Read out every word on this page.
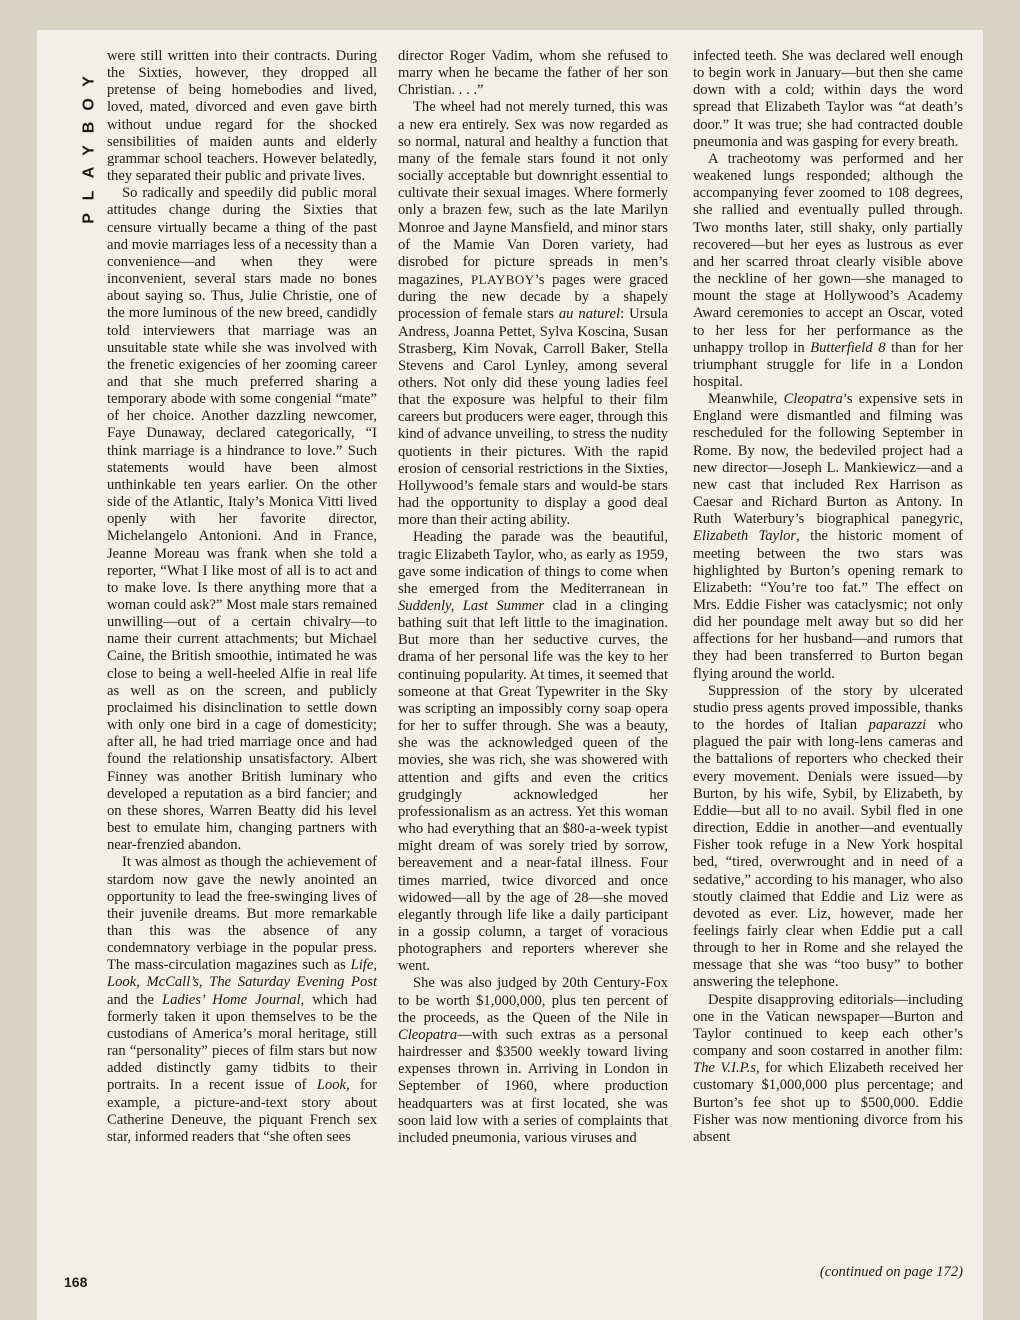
Y
O
B
Y
A
L
P

were still written into their contracts. During the Sixties, however, they dropped all pretense of being homebodies and lived, loved, mated, divorced and even gave birth without undue regard for the shocked sensibilities of maiden aunts and elderly grammar school teachers. However belatedly, they separated their public and private lives.

So radically and speedily did public moral attitudes change during the Sixties that censure virtually became a thing of the past and movie marriages less of a necessity than a convenience—and when they were inconvenient, several stars made no bones about saying so. Thus, Julie Christie, one of the more luminous of the new breed, candidly told interviewers that marriage was an unsuitable state while she was involved with the frenetic exigencies of her zooming career and that she much preferred sharing a temporary abode with some congenial “mate” of her choice. Another dazzling newcomer, Faye Dunaway, declared categorically, “I think marriage is a hindrance to love.” Such statements would have been almost unthinkable ten years earlier. On the other side of the Atlantic, Italy’s Monica Vitti lived openly with her favorite director, Michelangelo Antonioni. And in France, Jeanne Moreau was frank when she told a reporter, “What I like most of all is to act and to make love. Is there anything more that a woman could ask?” Most male stars remained unwilling—out of a certain chivalry—to name their current attachments; but Michael Caine, the British smoothie, intimated he was close to being a well-heeled Alfie in real life as well as on the screen, and publicly proclaimed his disinclination to settle down with only one bird in a cage of domesticity; after all, he had tried marriage once and had found the relationship unsatisfactory. Albert Finney was another British luminary who developed a reputation as a bird fancier; and on these shores, Warren Beatty did his level best to emulate him, changing partners with near-frenzied abandon.

It was almost as though the achievement of stardom now gave the newly anointed an opportunity to lead the free-swinging lives of their juvenile dreams. But more remarkable than this was the absence of any condemnatory verbiage in the popular press. The mass-circulation magazines such as Life, Look, McCall’s, The Saturday Evening Post and the Ladies’ Home Journal, which had formerly taken it upon themselves to be the custodians of America’s moral heritage, still ran “personality” pieces of film stars but now added distinctly gamy tidbits to their portraits. In a recent issue of Look, for example, a picture-and-text story about Catherine Deneuve, the piquant French sex star, informed readers that “she often sees

director Roger Vadim, whom she refused to marry when he became the father of her son Christian. . . .”

The wheel had not merely turned, this was a new era entirely. Sex was now regarded as so normal, natural and healthy a function that many of the female stars found it not only socially acceptable but downright essential to cultivate their sexual images. Where formerly only a brazen few, such as the late Marilyn Monroe and Jayne Mansfield, and minor stars of the Mamie Van Doren variety, had disrobed for picture spreads in men’s magazines, PLAYBOY’s pages were graced during the new decade by a shapely procession of female stars au naturel: Ursula Andress, Joanna Pettet, Sylva Koscina, Susan Strasberg, Kim Novak, Carroll Baker, Stella Stevens and Carol Lynley, among several others. Not only did these young ladies feel that the exposure was helpful to their film careers but producers were eager, through this kind of advance unveiling, to stress the nudity quotients in their pictures. With the rapid erosion of censorial restrictions in the Sixties, Hollywood’s female stars and would-be stars had the opportunity to display a good deal more than their acting ability.

Heading the parade was the beautiful, tragic Elizabeth Taylor, who, as early as 1959, gave some indication of things to come when she emerged from the Mediterranean in Suddenly, Last Summer clad in a clinging bathing suit that left little to the imagination. But more than her seductive curves, the drama of her personal life was the key to her continuing popularity. At times, it seemed that someone at that Great Typewriter in the Sky was scripting an impossibly corny soap opera for her to suffer through. She was a beauty, she was the acknowledged queen of the movies, she was rich, she was showered with attention and gifts and even the critics grudgingly acknowledged her professionalism as an actress. Yet this woman who had everything that an $80-a-week typist might dream of was sorely tried by sorrow, bereavement and a near-fatal illness. Four times married, twice divorced and once widowed—all by the age of 28—she moved elegantly through life like a daily participant in a gossip column, a target of voracious photographers and reporters wherever she went.

She was also judged by 20th Century-Fox to be worth $1,000,000, plus ten percent of the proceeds, as the Queen of the Nile in Cleopatra—with such extras as a personal hairdresser and $3500 weekly toward living expenses thrown in. Arriving in London in September of 1960, where production headquarters was at first located, she was soon laid low with a series of complaints that included pneumonia, various viruses and

infected teeth. She was declared well enough to begin work in January—but then she came down with a cold; within days the word spread that Elizabeth Taylor was “at death’s door.” It was true; she had contracted double pneumonia and was gasping for every breath.

A tracheotomy was performed and her weakened lungs responded; although the accompanying fever zoomed to 108 degrees, she rallied and eventually pulled through. Two months later, still shaky, only partially recovered—but her eyes as lustrous as ever and her scarred throat clearly visible above the neckline of her gown—she managed to mount the stage at Hollywood’s Academy Award ceremonies to accept an Oscar, voted to her less for her performance as the unhappy trollop in Butterfield 8 than for her triumphant struggle for life in a London hospital.

Meanwhile, Cleopatra’s expensive sets in England were dismantled and filming was rescheduled for the following September in Rome. By now, the bedeviled project had a new director—Joseph L. Mankiewicz—and a new cast that included Rex Harrison as Caesar and Richard Burton as Antony. In Ruth Waterbury’s biographical panegyric, Elizabeth Taylor, the historic moment of meeting between the two stars was highlighted by Burton’s opening remark to Elizabeth: “You’re too fat.” The effect on Mrs. Eddie Fisher was cataclysmic; not only did her poundage melt away but so did her affections for her husband—and rumors that they had been transferred to Burton began flying around the world.

Suppression of the story by ulcerated studio press agents proved impossible, thanks to the hordes of Italian paparazzi who plagued the pair with long-lens cameras and the battalions of reporters who checked their every movement. Denials were issued—by Burton, by his wife, Sybil, by Elizabeth, by Eddie—but all to no avail. Sybil fled in one direction, Eddie in another—and eventually Fisher took refuge in a New York hospital bed, “tired, overwrought and in need of a sedative,” according to his manager, who also stoutly claimed that Eddie and Liz were as devoted as ever. Liz, however, made her feelings fairly clear when Eddie put a call through to her in Rome and she relayed the message that she was “too busy” to bother answering the telephone.

Despite disapproving editorials—including one in the Vatican newspaper—Burton and Taylor continued to keep each other’s company and soon costarred in another film: The V.I.P.s, for which Elizabeth received her customary $1,000,000 plus percentage; and Burton’s fee shot up to $500,000. Eddie Fisher was now mentioning divorce from his absent

168
(continued on page 172)
